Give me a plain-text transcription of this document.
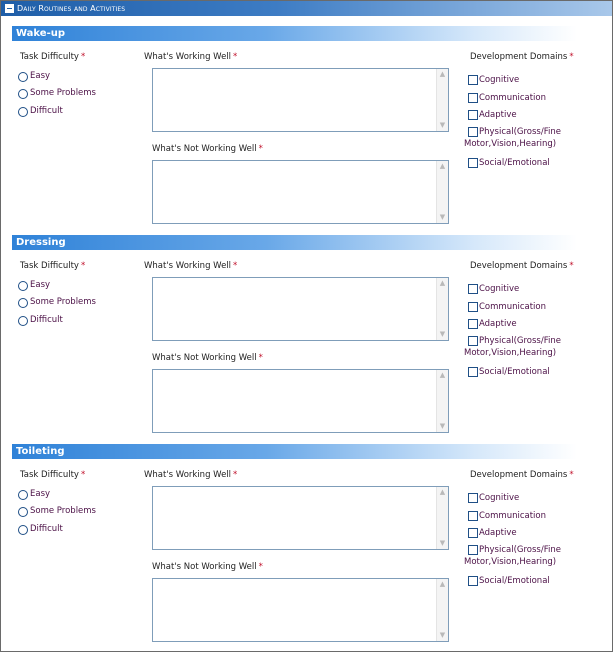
Daily Routines and Activities
Wake-up
Task Difficulty *	What's Working Well *
What's Not Working Well *
Development Domains *
Easy
Some Problems
Difficult
▲
▼
▲
▼
Cognitive
Communication
Adaptive
Physical(Gross/Fine
Motor,Vision,Hearing)
Social/Emotional
Dressing
Task Difficulty *	What's Working Well *
What's Not Working Well *
Development Domains *
Easy
Some Problems
Difficult
▲
▼
▲
▼
Cognitive
Communication
Adaptive
Physical(Gross/Fine
Motor,Vision,Hearing)
Social/Emotional
Toileting
Task Difficulty *	What's Working Well *
What's Not Working Well *
Development Domains *
Easy
Some Problems
Difficult
▲
▼
▲
▼
Cognitive
Communication
Adaptive
Physical(Gross/Fine
Motor,Vision,Hearing)
Social/Emotional
